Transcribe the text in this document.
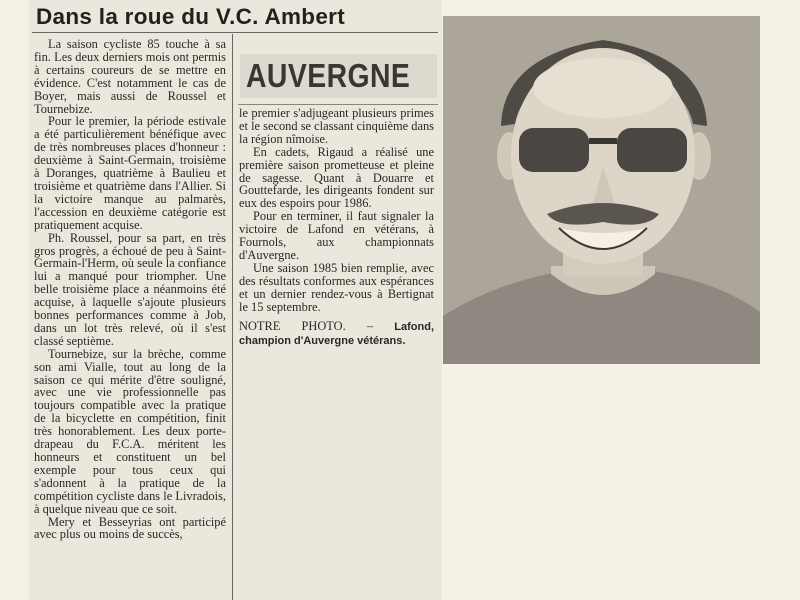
Dans la roue du V.C. Ambert
AUVERGNE

La saison cycliste 85 touche à sa fin. Les deux derniers mois ont permis à certains coureurs de se mettre en évidence. C'est notamment le cas de Boyer, mais aussi de Roussel et Tournebize.

Pour le premier, la période estivale a été particulièrement bénéfique avec de très nombreuses places d'honneur : deuxième à Saint-Germain, troisième à Doranges, quatrième à Baulieu et troisième et quatrième dans l'Allier. Si la victoire manque au palmarès, l'accession en deuxième catégorie est pratiquement acquise.

Ph. Roussel, pour sa part, en très gros progrès, a échoué de peu à Saint-Germain-l'Herm, où seule la confiance lui a manqué pour triompher. Une belle troisième place a néanmoins été acquise, à laquelle s'ajoute plusieurs bonnes performances comme à Job, dans un lot très relevé, où il s'est classé septième.

Tournebize, sur la brèche, comme son ami Vialle, tout au long de la saison ce qui mérite d'être souligné, avec une vie professionnelle pas toujours compatible avec la pratique de la bicyclette en compétition, finit très honorablement. Les deux porte-drapeau du F.C.A. méritent les honneurs et constituent un bel exemple pour tous ceux qui s'adonnent à la pratique de la compétition cycliste dans le Livradois, à quelque niveau que ce soit.

Mery et Besseyrias ont participé avec plus ou moins de succès,

le premier s'adjugeant plusieurs primes et le second se classant cinquième dans la région nîmoise.

En cadets, Rigaud a réalisé une première saison prometteuse et pleine de sagesse. Quant à Douarre et Gouttefarde, les dirigeants fondent sur eux des espoirs pour 1986.

Pour en terminer, il faut signaler la victoire de Lafond en vétérans, à Fournols, aux championnats d'Auvergne.

Une saison 1985 bien remplie, avec des résultats conformes aux espérances et un dernier rendez-vous à Bertignat le 15 septembre.

NOTRE PHOTO. – Lafond, champion d'Auvergne vétérans.
